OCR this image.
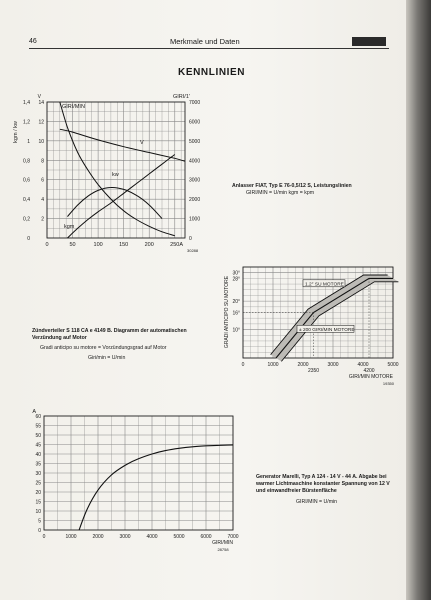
46	Merkmale und Daten
KENNLINIEN
0	50	100	150	200	250 A
0
0,2
0,4
0,6
0,8
1
1,2
1,4
2
4
6
8
10
12
14
V
kgm / kw
0
1000
2000
3000
4000
5000
6000
7000
GIRI/1'
GIRI/MIN
V
kw
kgm
30288
1.2° SU MOTORE
± 200 GIRI/MIN MOTORE
10°
16°
20°
28°
30°
0	1000	2000	3000	4000	5000
2350	4200
GIRI/MIN MOTORE
GRADI ANTICIPO SU MOTORE
19350
0
5
10
15
20
25
30
35
40
45
50
55
60
A
0	1000	2000	3000	4000	5000	6000	7000
GIRI/MIN
28758
Anlasser FIAT, Typ E 76-0,5/12 S, Leistungslinien
GIRI/MIN = U/min kgm = kpm
Zündverteiler S 118 CA e 4149 B. Diagramm der automatischen Verzündung auf Motor
Gradi anticipo su motore = Vorzündungsgrad auf Motor
Giri/min = U/min
Generator Marelli, Typ A 124 - 14 V - 44 A. Abgabe bei warmer Lichtmaschine konstanter Spannung von 12 V und einwandfreier Bürstenfläche
GIRI/MIN = U/min
